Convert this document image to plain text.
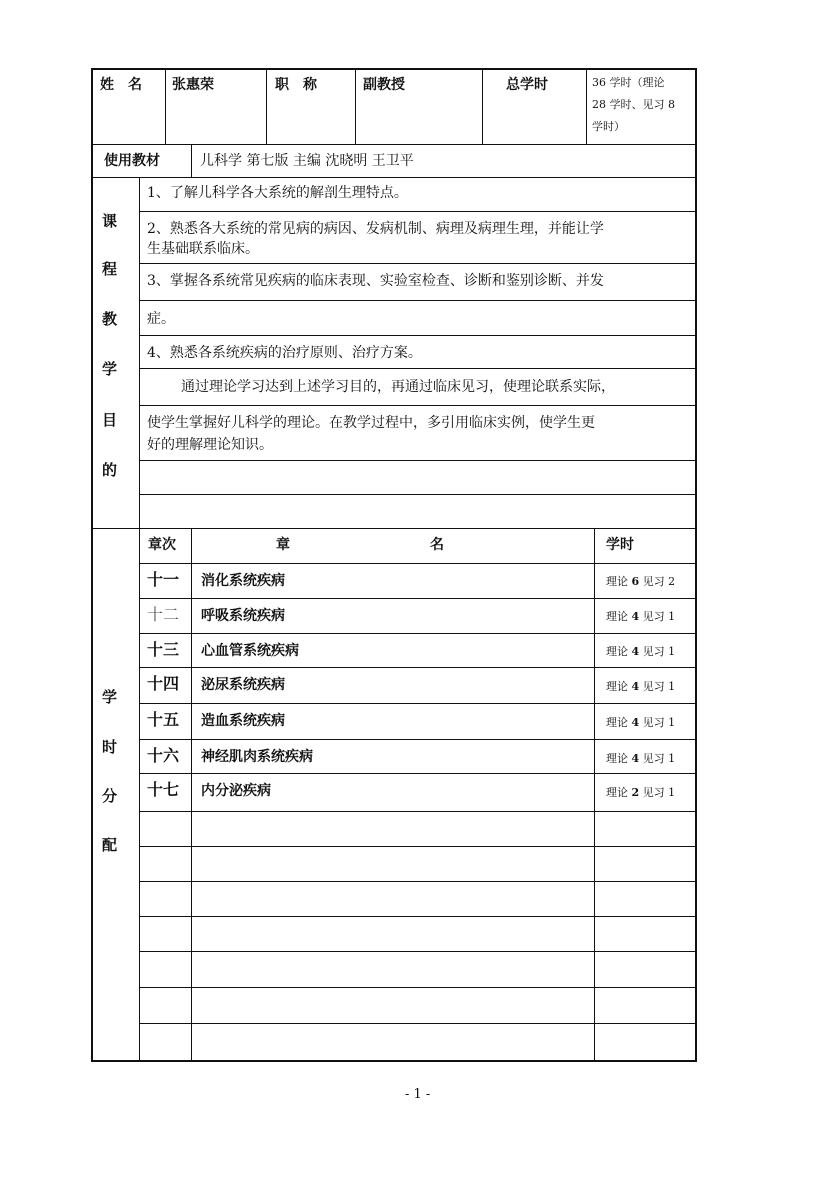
姓　名 张惠荣	职　称	副教授	总学时	36 学时（理论
28 学时、见习 8
学时）
使用教材	儿科学 第七版 主编 沈晓明 王卫平
课
程
教
学
目
的
1、了解儿科学各大系统的解剖生理特点。
2、熟悉各大系统的常见病的病因、发病机制、病理及病理生理，并能让学
生基础联系临床。
3、掌握各系统常见疾病的临床表现、实验室检查、诊断和鉴别诊断、并发
症。
4、熟悉各系统疾病的治疗原则、治疗方案。
通过理论学习达到上述学习目的，再通过临床见习，使理论联系实际，
使学生掌握好儿科学的理论。在教学过程中，多引用临床实例，使学生更
好的理解理论知识。
学
时
分
配
章次	章	名	学时
十一 消化系统疾病	理论 6 见习 2
十二 呼吸系统疾病	理论 4 见习 1
十三 心血管系统疾病	理论 4 见习 1
十四 泌尿系统疾病	理论 4 见习 1
十五 造血系统疾病	理论 4 见习 1
十六 神经肌肉系统疾病	理论 4 见习 1
十七 内分泌疾病	理论 2 见习 1
- 1 -
